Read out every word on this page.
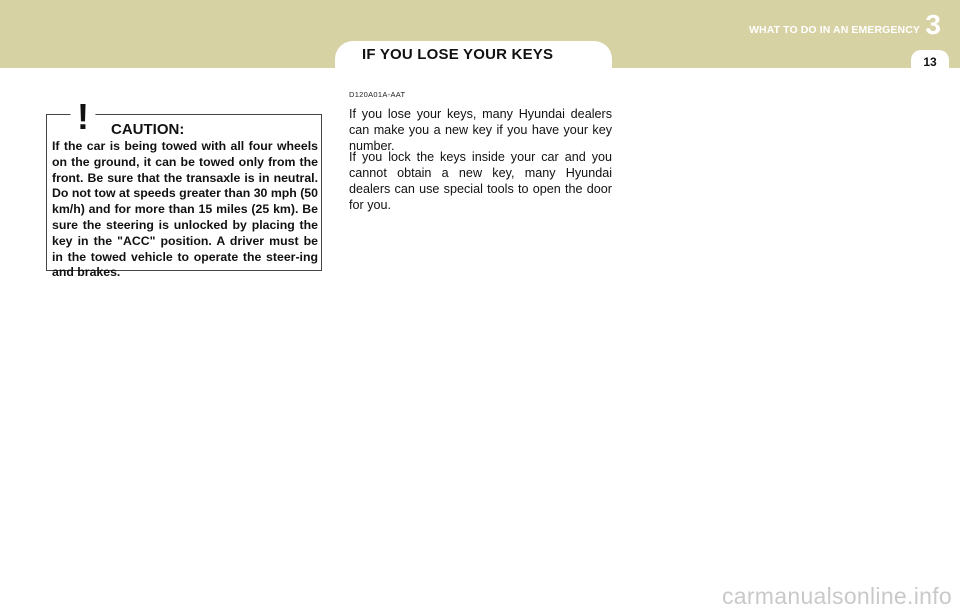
IF YOU LOSE YOUR KEYS
WHAT TO DO IN AN EMERGENCY 3
13
! CAUTION:
If the car is being towed with all four wheels on the ground, it can be towed only from the front. Be sure that the transaxle is in neutral. Do not tow at speeds greater than 30 mph (50 km/h) and for more than 15 miles (25 km). Be sure the steering is unlocked by placing the key in the "ACC" position. A driver must be in the towed vehicle to operate the steer-ing and brakes.
D120A01A-AAT

If you lose your keys, many Hyundai dealers can make you a new key if you have your key number.

If you lock the keys inside your car and you cannot obtain a new key, many Hyundai dealers can use special tools to open the door for you.

carmanualsonline.info
